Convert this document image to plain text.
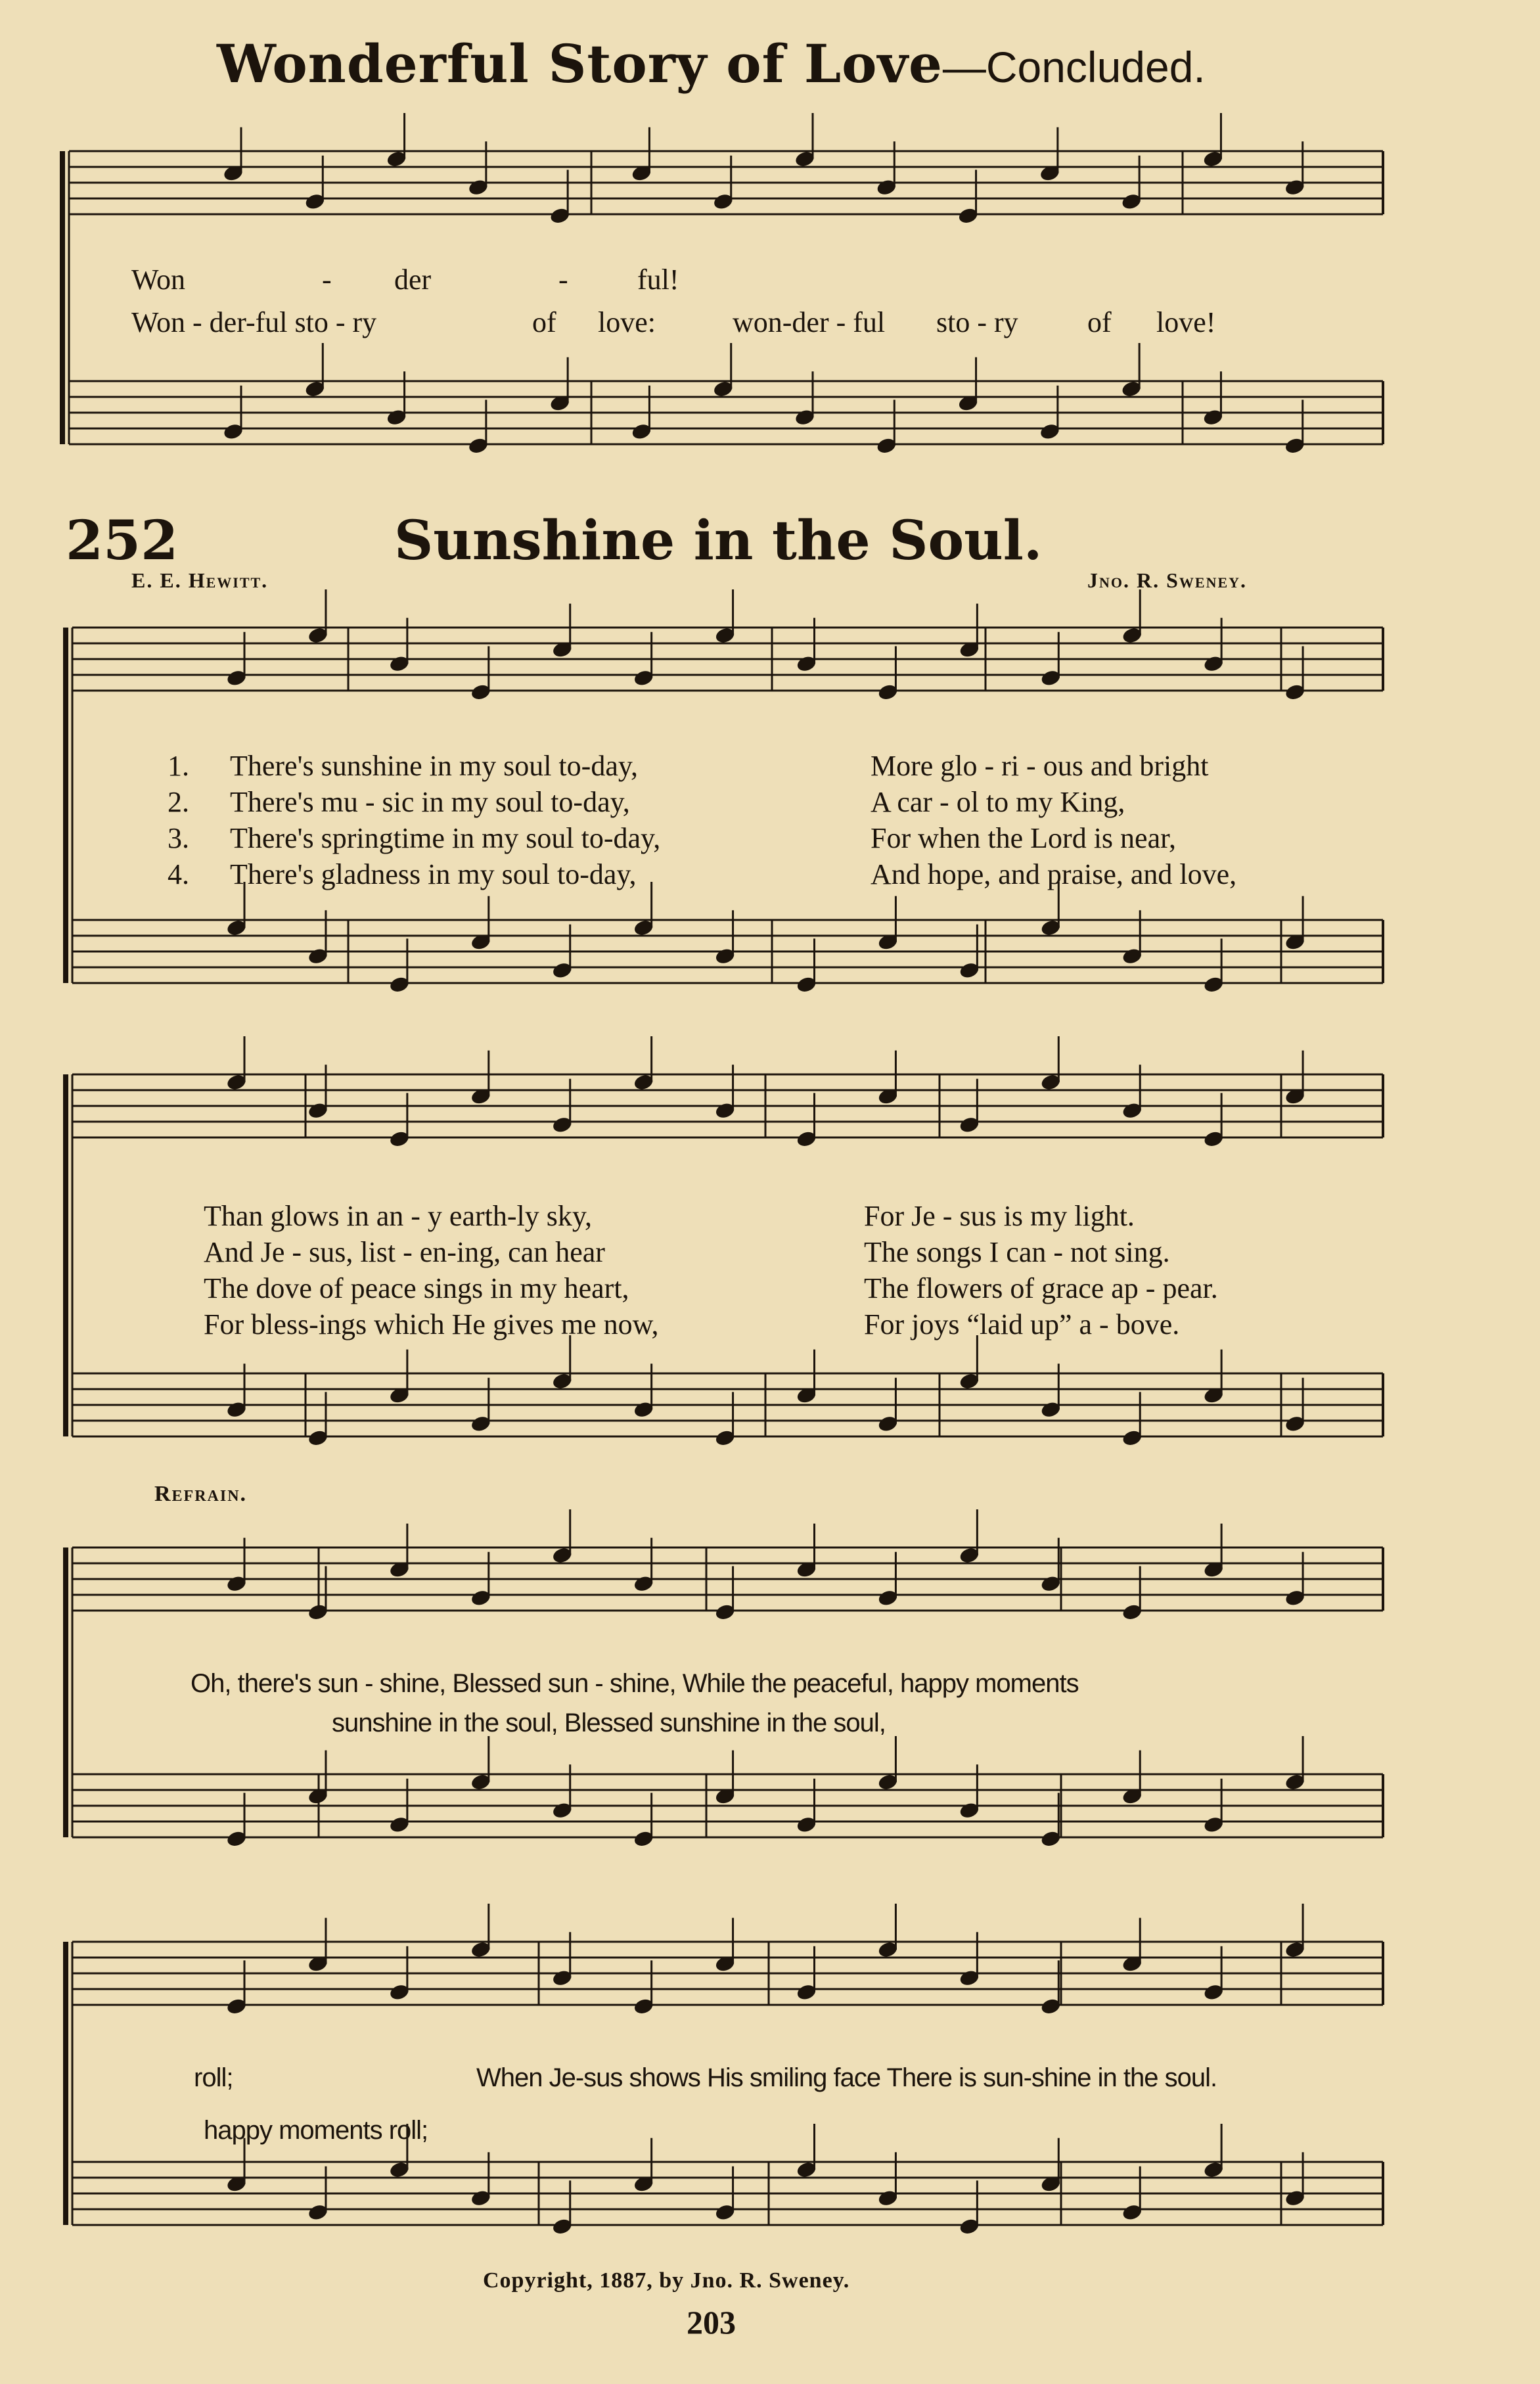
Wonderful Story of Love—Concluded.
Won	- der	- ful!
Won - der-ful sto - ry	of love:	won-der - ful sto - ry of love!
252	Sunshine in the Soul.
E. E. Hewitt.	Jno. R. Sweney.
1. There's sunshine in my soul to-day,	More glo - ri - ous and bright
2. There's mu - sic in my soul to-day,	A car - ol to my King,
3. There's springtime in my soul to-day,	For when the Lord is near,
4. There's gladness in my soul to-day,	And hope, and praise, and love,
Than glows in an - y earth-ly sky,	For Je - sus is my light.
And Je - sus, list - en-ing, can hear	The songs I can - not sing.
The dove of peace sings in my heart,	The flowers of grace ap - pear.
For bless-ings which He gives me now,	For joys “laid up” a - bove.
Refrain.
Oh, there's sun - shine, Blessed sun - shine, While the peaceful, happy moments
sunshine in the soul, Blessed sunshine in the soul,
roll;	When Je-sus shows His smiling face There is sun-shine in the soul.
happy moments roll;
Copyright, 1887, by Jno. R. Sweney.
203
